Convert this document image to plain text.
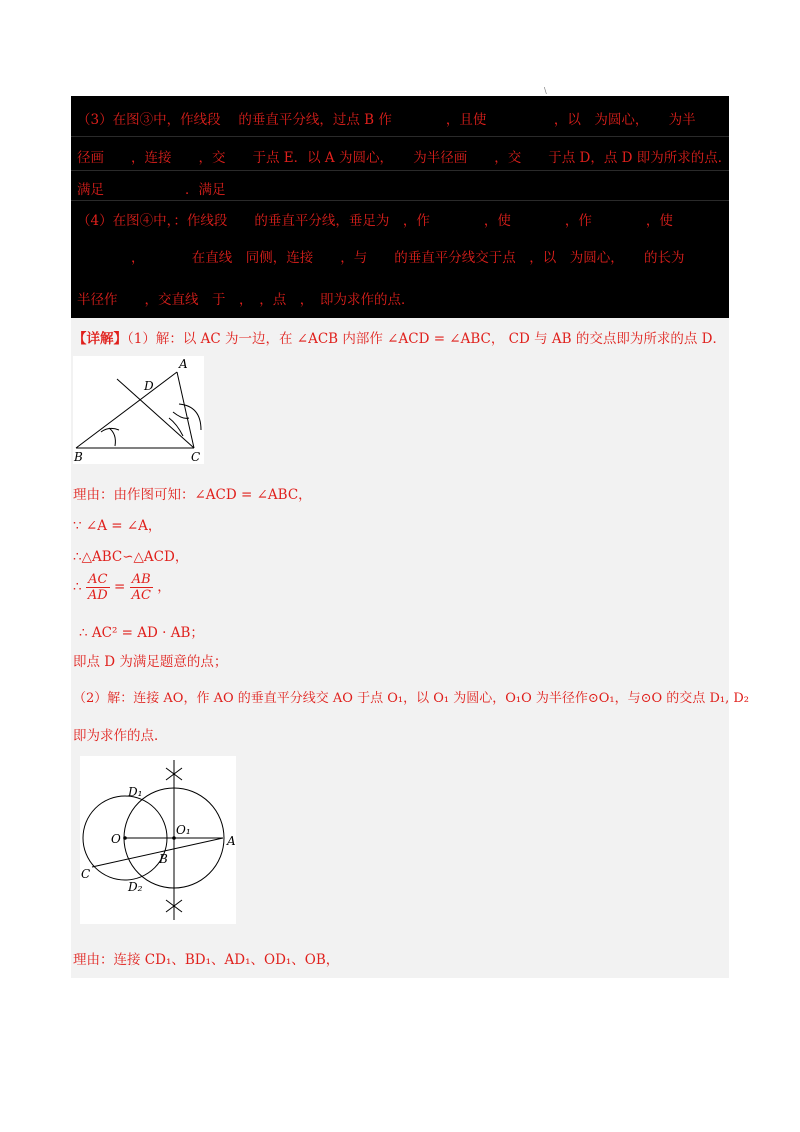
\
（3）在图③中，作线段　 的垂直平分线，过点 B 作　　　　，且使　　　　　，以　为圆心，　　为半
径画　　，连接　　，交　　于点 E．以 A 为圆心，　　为半径画　　，交　　于点 D，点 D 即为所求的点．
满足　　　　　　．满足
（4）在图④中，：作线段　　的垂直平分线，垂足为　，作　　　　，使　　　　，作　　　　，使
　　　　，　　　　在直线　同侧，连接　　，与　　的垂直平分线交于点　，以　为圆心，　　的长为
半径作　　，交直线　于　，　，点　，　即为求作的点．
【详解】（1）解：以 AC 为一边，在 ∠ACB 内部作 ∠ACD = ∠ABC， CD 与 AB 的交点即为所求的点 D．
A
D
B	C
理由：由作图可知：∠ACD = ∠ABC，
∵ ∠A = ∠A，
∴△ABC∽△ACD，
∴ $\frac{AC}{AD} = \frac{AB}{AC}$ ，
∴ AC² = AD · AB；
即点 D 为满足题意的点；
（2）解：连接 AO，作 AO 的垂直平分线交 AO 于点 O₁，以 O₁ 为圆心，O₁O 为半径作⊙O₁，与⊙O 的交点 D₁, D₂
即为求作的点．
D₁
O
O₁
A
B
C
D₂
理由：连接 CD₁、BD₁、AD₁、OD₁、OB，
